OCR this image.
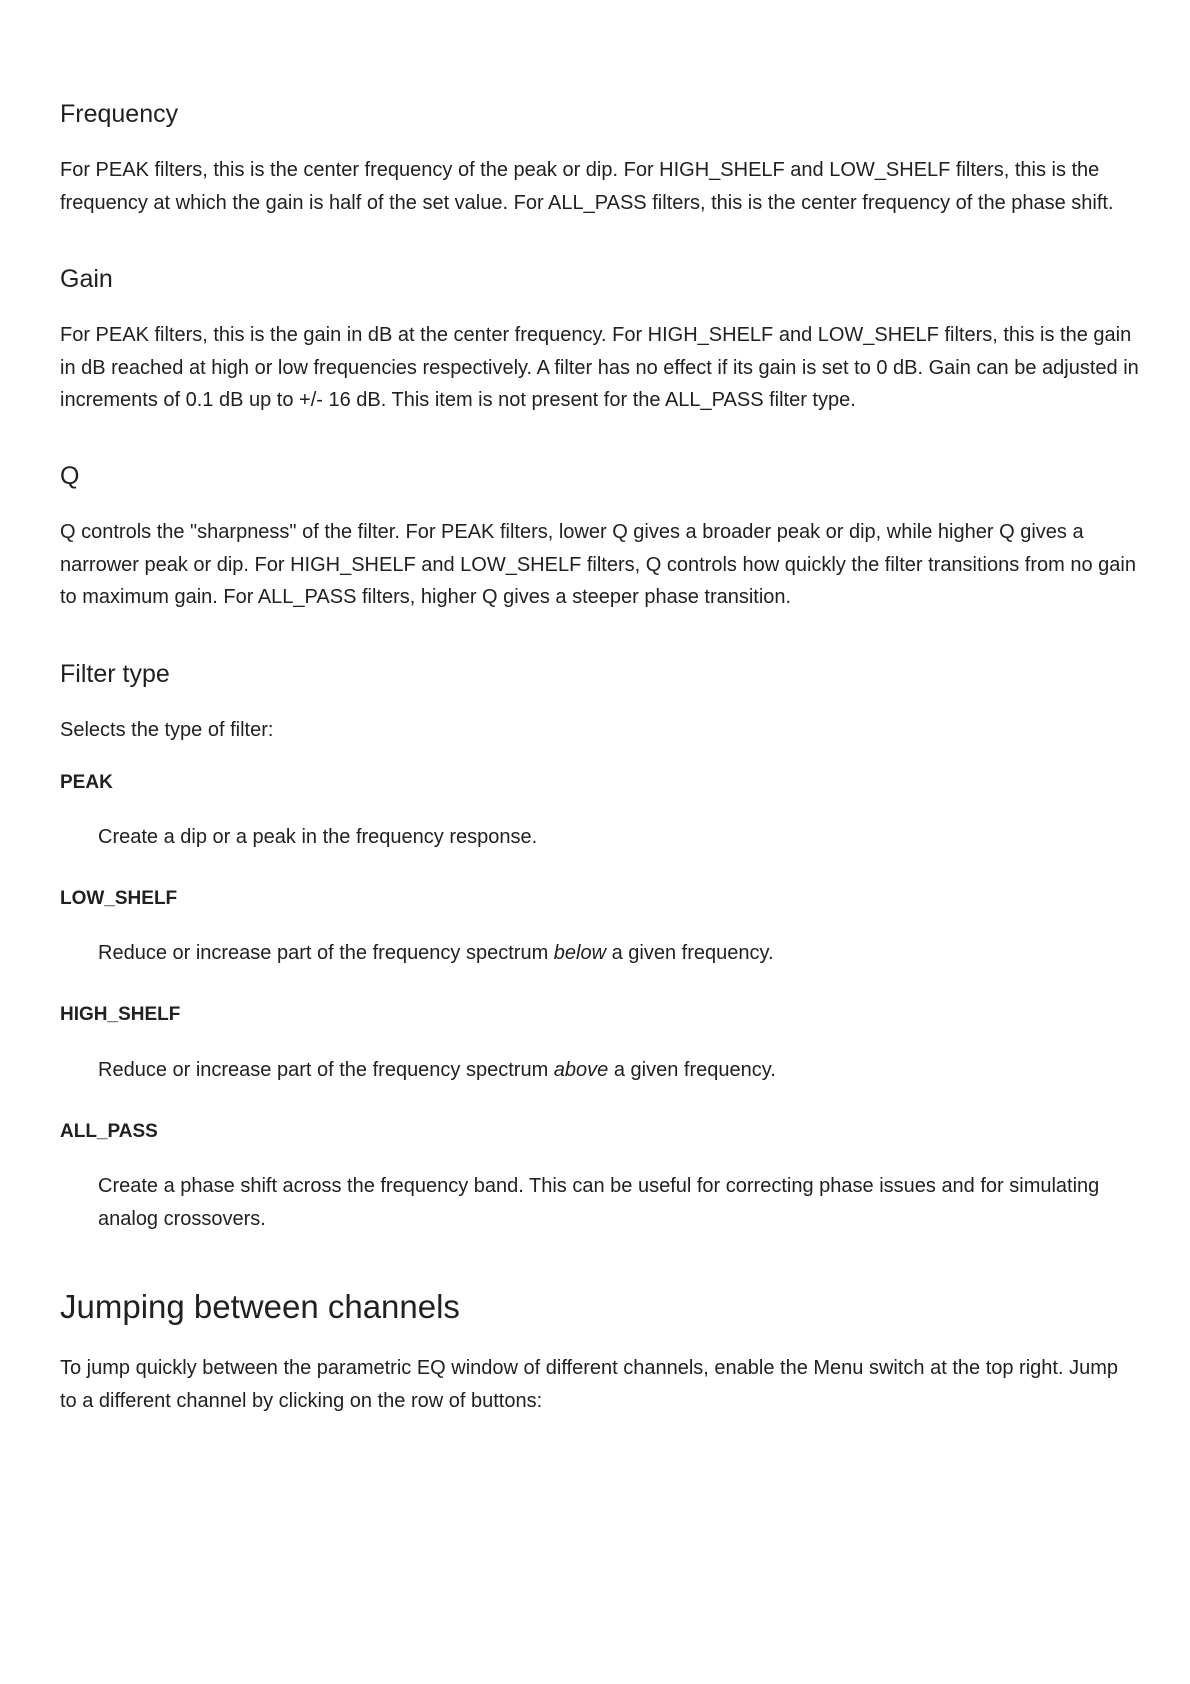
Frequency

For PEAK filters, this is the center frequency of the peak or dip. For HIGH_SHELF and LOW_SHELF filters, this is the frequency at which the gain is half of the set value. For ALL_PASS filters, this is the center frequency of the phase shift.

Gain

For PEAK filters, this is the gain in dB at the center frequency. For HIGH_SHELF and LOW_SHELF filters, this is the gain in dB reached at high or low frequencies respectively. A filter has no effect if its gain is set to 0 dB. Gain can be adjusted in increments of 0.1 dB up to +/- 16 dB. This item is not present for the ALL_PASS filter type.

Q

Q controls the "sharpness" of the filter. For PEAK filters, lower Q gives a broader peak or dip, while higher Q gives a narrower peak or dip. For HIGH_SHELF and LOW_SHELF filters, Q controls how quickly the filter transitions from no gain to maximum gain. For ALL_PASS filters, higher Q gives a steeper phase transition.

Filter type

Selects the type of filter:

PEAK
Create a dip or a peak in the frequency response.
LOW_SHELF
Reduce or increase part of the frequency spectrum below a given frequency.
HIGH_SHELF
Reduce or increase part of the frequency spectrum above a given frequency.
ALL_PASS
Create a phase shift across the frequency band. This can be useful for correcting phase issues and for simulating analog crossovers.
Jumping between channels

To jump quickly between the parametric EQ window of different channels, enable the Menu switch at the top right. Jump to a different channel by clicking on the row of buttons:
